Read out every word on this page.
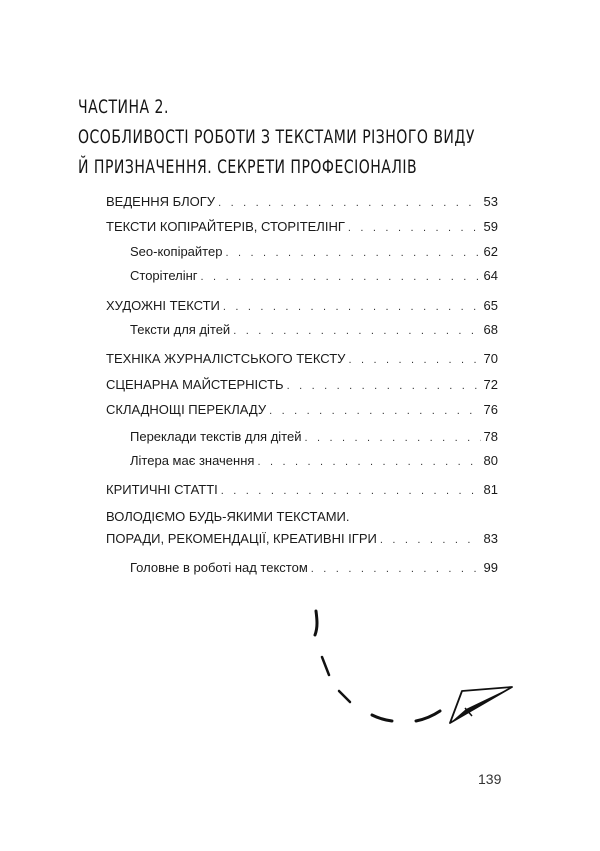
ЧАСТИНА 2.
ОСОБЛИВОСТІ РОБОТИ З ТЕКСТАМИ РІЗНОГО ВИДУ
Й ПРИЗНАЧЕННЯ. СЕКРЕТИ ПРОФЕСІОНАЛІВ
ВЕДЕННЯ БЛОГУ . . .	53
ТЕКСТИ КОПІРАЙТЕРІВ, СТОРІТЕЛІНГ . . .	59
Seo-копірайтер . . .	62
Сторітелінг . . .	64
ХУДОЖНІ ТЕКСТИ . . .	65
Тексти для дітей . . .	68
ТЕХНІКА ЖУРНАЛІСТСЬКОГО ТЕКСТУ . . .	70
СЦЕНАРНА МАЙСТЕРНІСТЬ . . .	72
СКЛАДНОЩІ ПЕРЕКЛАДУ . . .	76
Переклади текстів для дітей . . .	78
Літера має значення . . .	80
КРИТИЧНІ СТАТТІ . . .	81
ВОЛОДІЄМО БУДЬ-ЯКИМИ ТЕКСТАМИ.
ПОРАДИ, РЕКОМЕНДАЦІЇ, КРЕАТИВНІ ІГРИ . . .	83
Головне в роботі над текстом . . .	99
139
